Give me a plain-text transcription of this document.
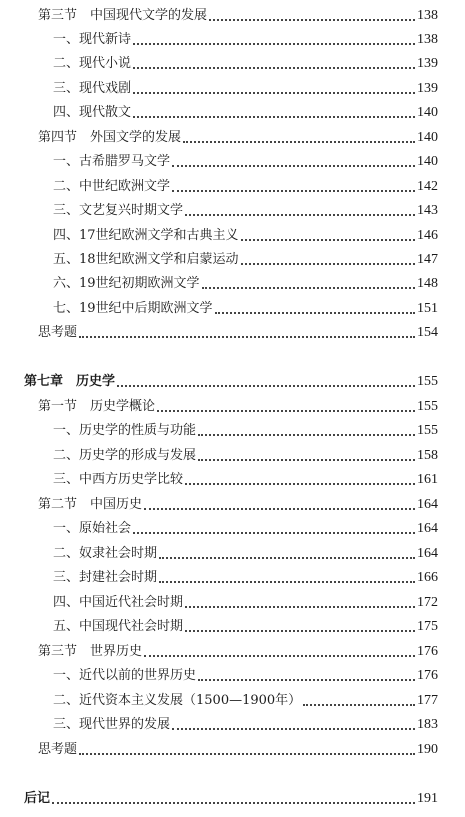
第三节　中国现代文学的发展	138
一、现代新诗	138
二、现代小说	139
三、现代戏剧	139
四、现代散文	140
第四节　外国文学的发展	140
一、古希腊罗马文学	140
二、中世纪欧洲文学	142
三、文艺复兴时期文学	143
四、17世纪欧洲文学和古典主义	146
五、18世纪欧洲文学和启蒙运动	147
六、19世纪初期欧洲文学	148
七、19世纪中后期欧洲文学	151
思考题	154
第七章　历史学	155
第一节　历史学概论	155
一、历史学的性质与功能	155
二、历史学的形成与发展	158
三、中西方历史学比较	161
第二节　中国历史	164
一、原始社会	164
二、奴隶社会时期	164
三、封建社会时期	166
四、中国近代社会时期	172
五、中国现代社会时期	175
第三节　世界历史	176
一、近代以前的世界历史	176
二、近代资本主义发展（1500—1900年）	177
三、现代世界的发展	183
思考题	190
后记	191
